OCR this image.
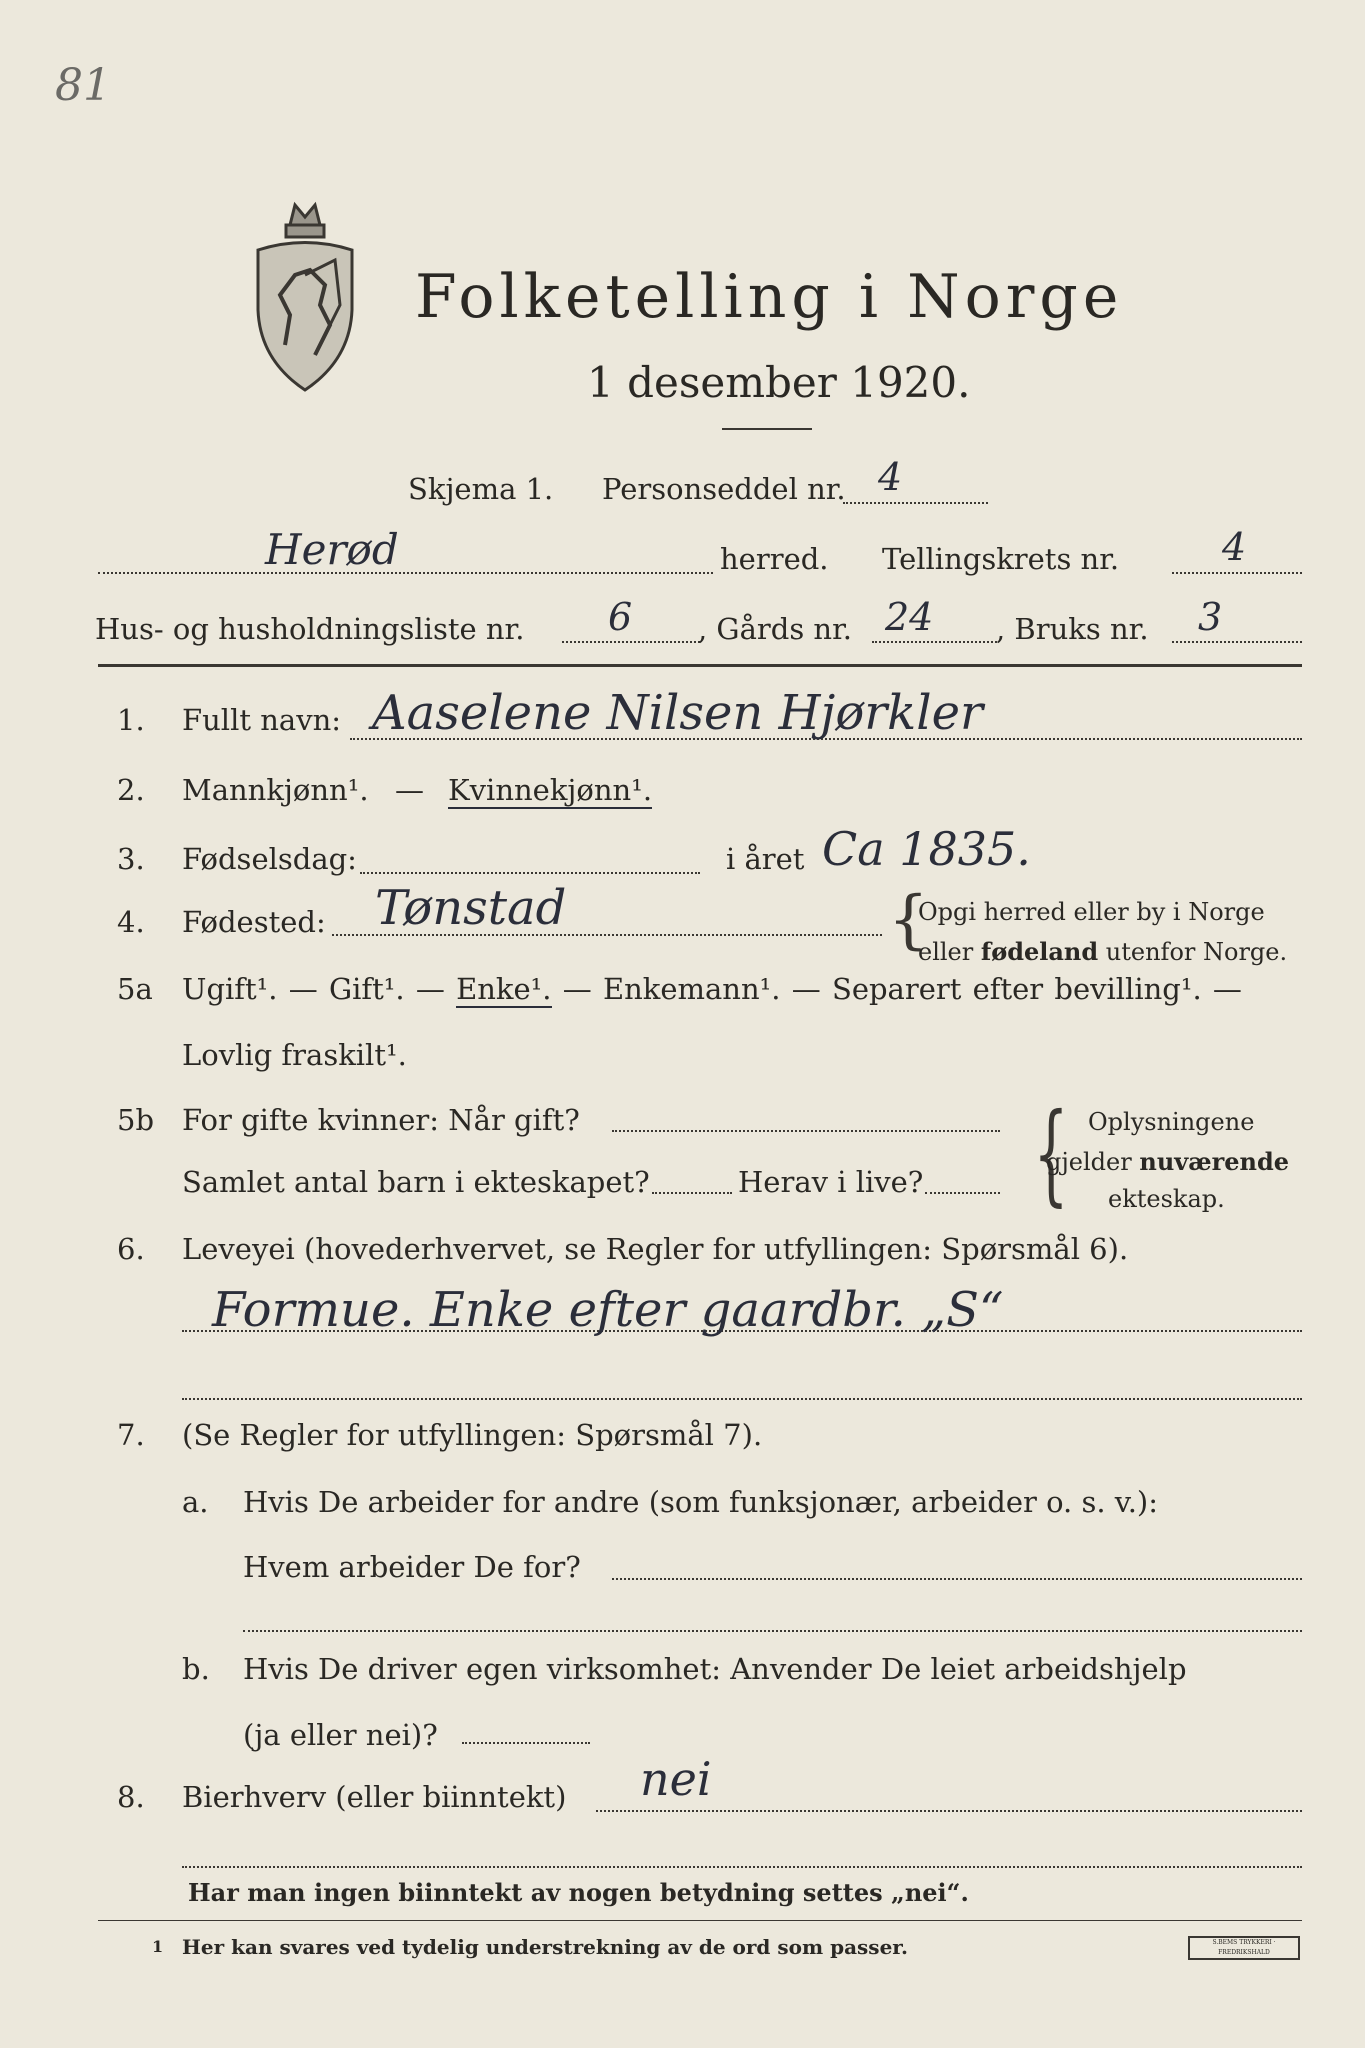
81
Folketelling i Norge
1 desember 1920.
Skjema 1. Personseddel nr. 4
Herød	herred. Tellingskrets nr.	4
Hus- og husholdningsliste nr. 6 , Gårds nr. 24 , Bruks nr. 3
1. Fullt navn: Aaselene Nilsen Hjørkler
2. Mannkjønn¹. — Kvinnekjønn¹.
3. Fødselsdag:	i året Ca 1835.
4. Fødested: Tønstad	{
Opgi herred eller by i Norge
eller fødeland utenfor Norge.
5a Ugift¹. — Gift¹. — Enke¹. — Enkemann¹. — Separert efter bevilling¹. —
Lovlig fraskilt¹.
5b For gifte kvinner: Når gift?
Samlet antal barn i ekteskapet?	Herav i live? { Oplysningene
gjelder nuværende
ekteskap.
6. Leveyei (hovederhvervet, se Regler for utfyllingen: Spørsmål 6).
Formue. Enke efter gaardbr. „S“
7. (Se Regler for utfyllingen: Spørsmål 7).
a. Hvis De arbeider for andre (som funksjonær, arbeider o. s. v.):
Hvem arbeider De for?
b. Hvis De driver egen virksomhet: Anvender De leiet arbeidshjelp
(ja eller nei)?
8. Bierhverv (eller biinntekt) nei
Har man ingen biinntekt av nogen betydning settes „nei“.
1 Her kan svares ved tydelig understrekning av de ord som passer.	S.BEMS TRYKKERI · FREDRIKSHALD
